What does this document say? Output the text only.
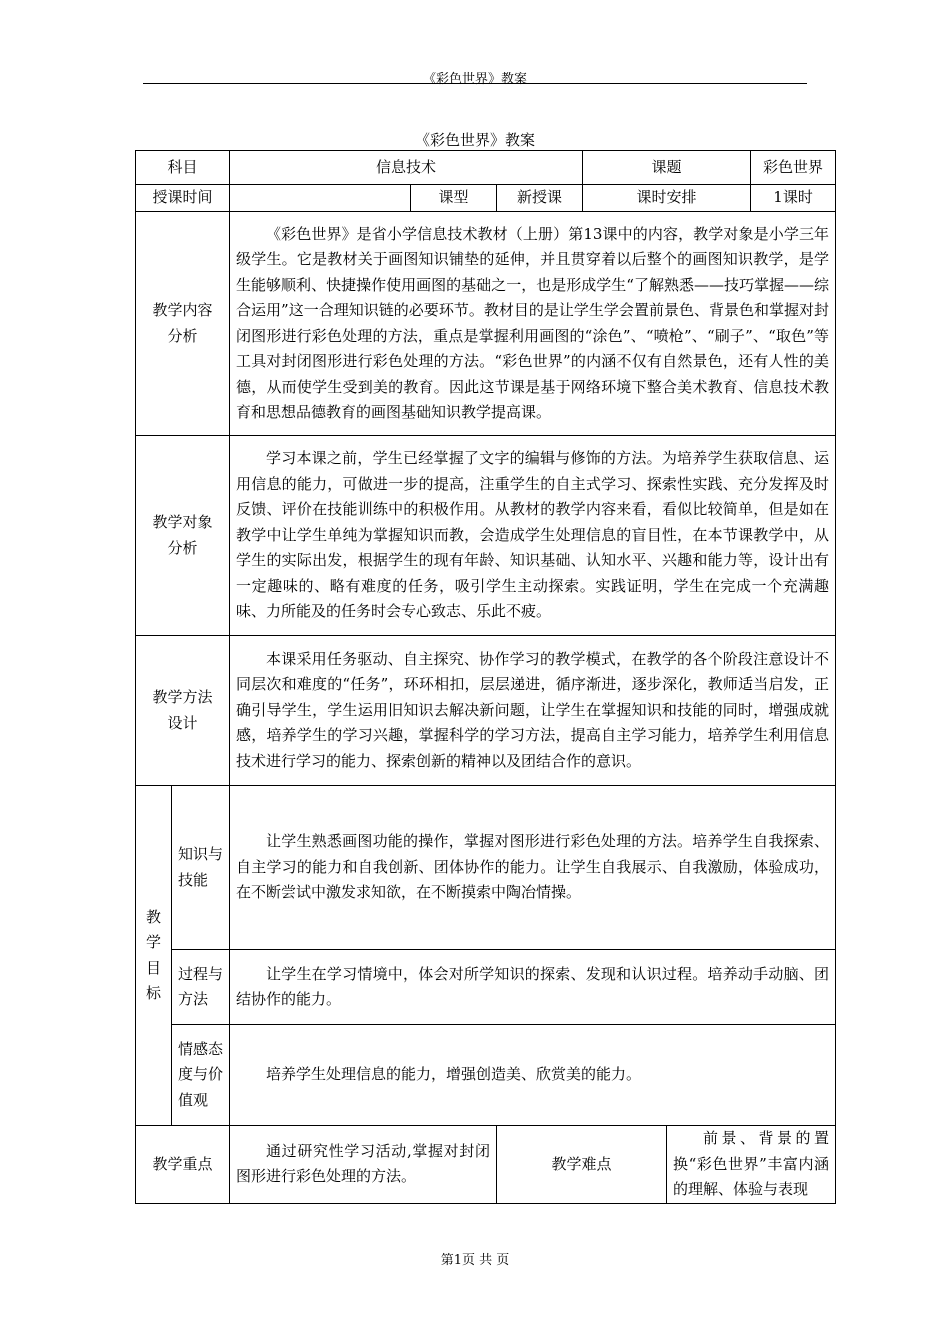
《彩色世界》教案
《彩色世界》教案
科目		信息技术			课题		彩色世界
授课时间			课型	新授课	课时安排		1课时
教学内容分析		《彩色世界》是省小学信息技术教材（上册）第13课中的内容，教学对象是小学三年级学生。它是教材关于画图知识铺垫的延伸，并且贯穿着以后整个的画图知识教学，是学生能够顺利、快捷操作使用画图的基础之一，也是形成学生“了解熟悉——技巧掌握——综合运用”这一合理知识链的必要环节。教材目的是让学生学会置前景色、背景色和掌握对封闭图形进行彩色处理的方法，重点是掌握利用画图的“涂色”、“喷枪”、“刷子”、“取色”等工具对封闭图形进行彩色处理的方法。“彩色世界”的内涵不仅有自然景色，还有人性的美德，从而使学生受到美的教育。因此这节课是基于网络环境下整合美术教育、信息技术教育和思想品德教育的画图基础知识教学提高课。					
教学对象分析		学习本课之前，学生已经掌握了文字的编辑与修饰的方法。为培养学生获取信息、运用信息的能力，可做进一步的提高，注重学生的自主式学习、探索性实践、充分发挥及时反馈、评价在技能训练中的积极作用。从教材的教学内容来看，看似比较简单，但是如在教学中让学生单纯为掌握知识而教，会造成学生处理信息的盲目性，在本节课教学中，从学生的实际出发，根据学生的现有年龄、知识基础、认知水平、兴趣和能力等，设计出有一定趣味的、略有难度的任务，吸引学生主动探索。实践证明，学生在完成一个充满趣味、力所能及的任务时会专心致志、乐此不疲。					
教学方法设计		本课采用任务驱动、自主探究、协作学习的教学模式，在教学的各个阶段注意设计不同层次和难度的“任务”，环环相扣，层层递进，循序渐进，逐步深化，教师适当启发，正确引导学生，学生运用旧知识去解决新问题，让学生在掌握知识和技能的同时，增强成就感，培养学生的学习兴趣，掌握科学的学习方法，提高自主学习能力，培养学生利用信息技术进行学习的能力、探索创新的精神以及团结合作的意识。					
教学目标	知识与技能	让学生熟悉画图功能的操作，掌握对图形进行彩色处理的方法。培养学生自我探索、自主学习的能力和自我创新、团体协作的能力。让学生自我展示、自我激励，体验成功，在不断尝试中激发求知欲，在不断摸索中陶冶情操。					
	过程与方法	让学生在学习情境中，体会对所学知识的探索、发现和认识过程。培养动手动脑、团结协作的能力。					
	情感态度与价值观	培养学生处理信息的能力，增强创造美、欣赏美的能力。					
教学重点		通过研究性学习活动,掌握对封闭图形进行彩色处理的方法。		教学难点		前景、背景的置换“彩色世界”丰富内涵的理解、体验与表现	
第1页 共 页
